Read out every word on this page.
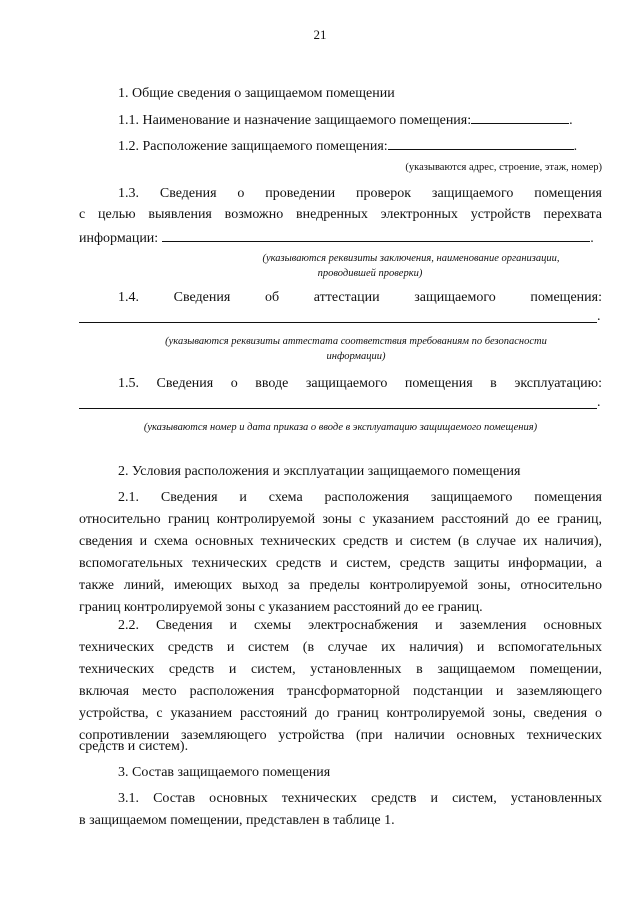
21
1. Общие сведения о защищаемом помещении
1.1. Наименование и назначение защищаемого помещения:	.
1.2. Расположение защищаемого помещения:	.
(указываются адрес, строение, этаж, номер)
1.3. Сведения о проведении проверок защищаемого помещения
с целью выявления возможно внедренных электронных устройств перехвата
информации:	.
(указываются реквизиты заключения, наименование организации,
проводившей проверки)
1.4. Сведения об аттестации защищаемого помещения:
.
(указываются реквизиты аттестата соответствия требованиям по безопасности
информации)
1.5. Сведения о вводе защищаемого помещения в эксплуатацию:
.
(указываются номер и дата приказа о вводе в эксплуатацию защищаемого помещения)
2. Условия расположения и эксплуатации защищаемого помещения
2.1. Сведения и схема расположения защищаемого помещения
относительно границ контролируемой зоны с указанием расстояний до ее границ,
сведения и схема основных технических средств и систем (в случае их наличия),
вспомогательных технических средств и систем, средств защиты информации, а
также линий, имеющих выход за пределы контролируемой зоны, относительно
границ контролируемой зоны с указанием расстояний до ее границ.
2.2. Сведения и схемы электроснабжения и заземления основных
технических средств и систем (в случае их наличия) и вспомогательных
технических средств и систем, установленных в защищаемом помещении,
включая место расположения трансформаторной подстанции и заземляющего
устройства, с указанием расстояний до границ контролируемой зоны, сведения о
сопротивлении заземляющего устройства (при наличии основных технических
средств и систем).
3. Состав защищаемого помещения
3.1. Состав основных технических средств и систем, установленных
в защищаемом помещении, представлен в таблице 1.
